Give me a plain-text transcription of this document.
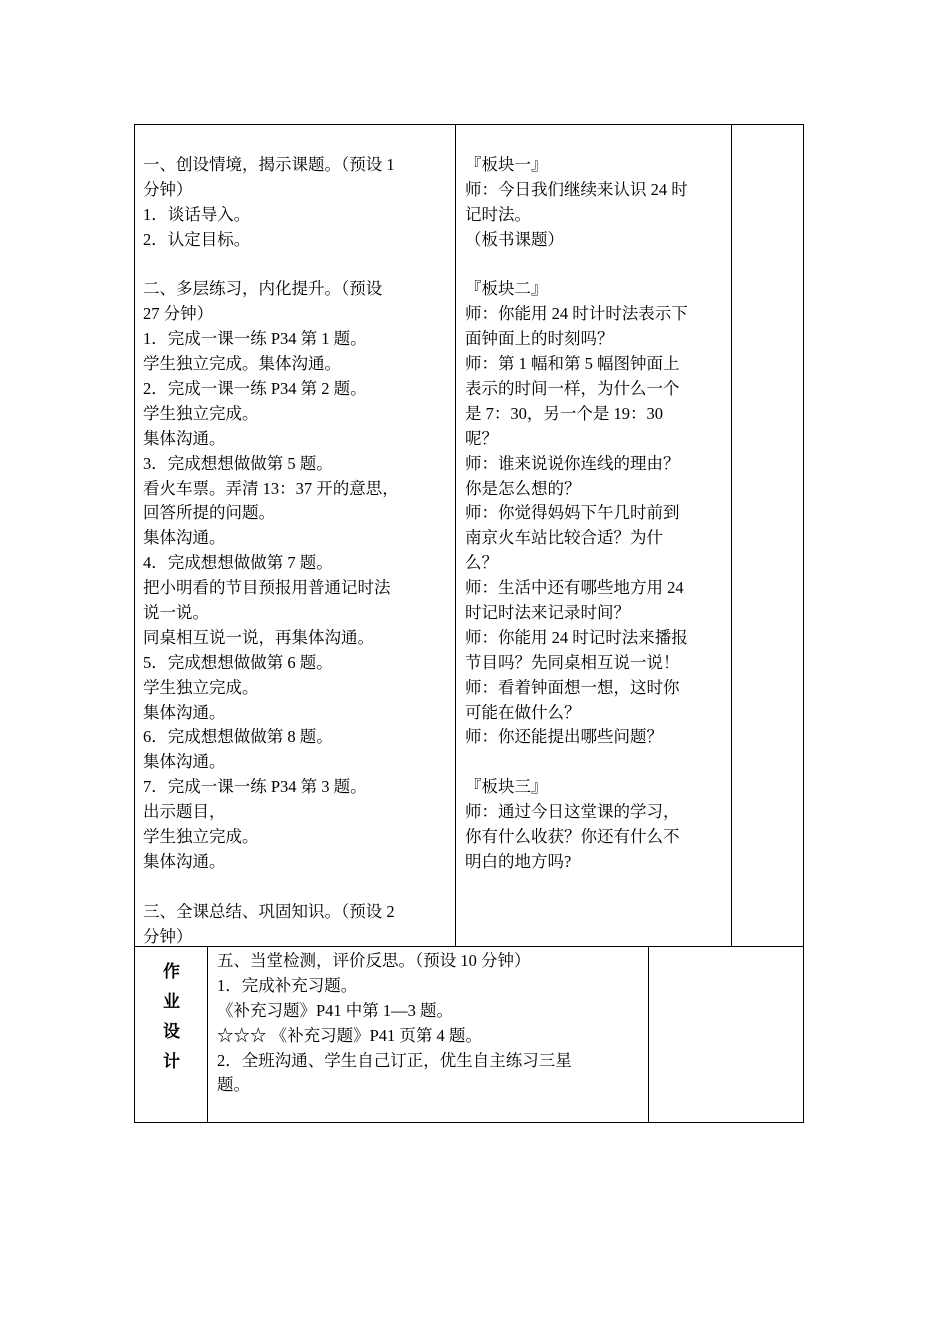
一、创设情境，揭示课题。（预设 1
分钟）
1．谈话导入。
2．认定目标。
二、多层练习，内化提升。（预设
27 分钟）
1．完成一课一练 P34 第 1 题。
学生独立完成。集体沟通。
2．完成一课一练 P34 第 2 题。
学生独立完成。
集体沟通。
3．完成想想做做第 5 题。
看火车票。弄清 13：37 开的意思，
回答所提的问题。
集体沟通。
4．完成想想做做第 7 题。
把小明看的节目预报用普通记时法
说一说。
同桌相互说一说，再集体沟通。
5．完成想想做做第 6 题。
学生独立完成。
集体沟通。
6．完成想想做做第 8 题。
集体沟通。
7．完成一课一练 P34 第 3 题。
出示题目，
学生独立完成。
集体沟通。
三、全课总结、巩固知识。（预设 2
分钟）
『板块一』
师：今日我们继续来认识 24 时
记时法。
（板书课题）
『板块二』
师：你能用 24 时计时法表示下
面钟面上的时刻吗？
师：第 1 幅和第 5 幅图钟面上
表示的时间一样，为什么一个
是 7：30，另一个是 19：30
呢？
师：谁来说说你连线的理由？
你是怎么想的？
师：你觉得妈妈下午几时前到
南京火车站比较合适？为什
么？
师：生活中还有哪些地方用 24
时记时法来记录时间？
师：你能用 24 时记时法来播报
节目吗？先同桌相互说一说！
师：看着钟面想一想，这时你
可能在做什么？
师：你还能提出哪些问题？
『板块三』
师：通过今日这堂课的学习，
你有什么收获？你还有什么不
明白的地方吗?
作
业
设
计
五、当堂检测，评价反思。（预设 10 分钟）
1．完成补充习题。
《补充习题》P41 中第 1—3 题。
☆☆☆ 《补充习题》P41 页第 4 题。
2．全班沟通、学生自己订正，优生自主练习三星
题。
